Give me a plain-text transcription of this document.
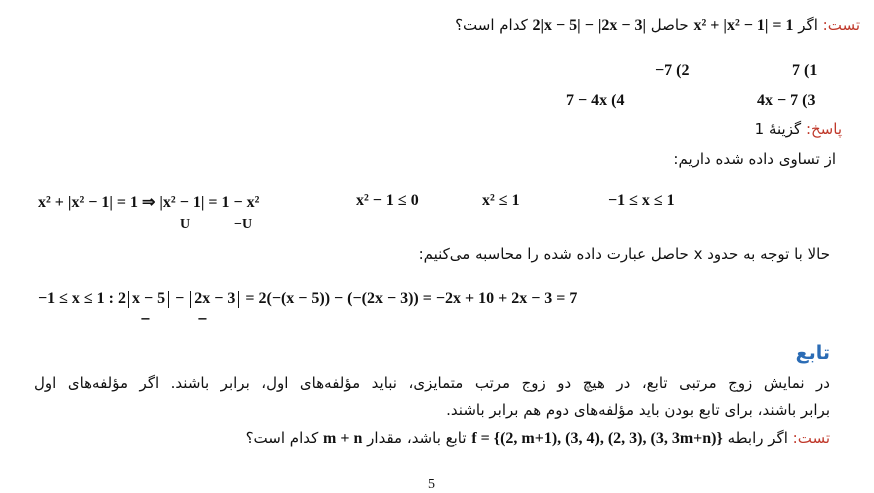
تست: اگر x² + |x² − 1| = 1 حاصل 2|x − 5| − |2x − 3| کدام است؟
7 (1
−7 (2
4x − 7 (3
7 − 4x (4
پاسخ: گزینهٔ 1
از تساوی داده شده داریم:
x² + |x² − 1| = 1 ⇒ |x² − 1| = 1 − x²
U	−U
x² − 1 ≤ 0	x² ≤ 1	−1 ≤ x ≤ 1
حالا با توجه به حدود x حاصل عبارت داده شده را محاسبه می‌کنیم:
−1 ≤ x ≤ 1 : 2 x − 5 − 2x − 3 = 2(−(x − 5)) − (−(2x − 3)) = −2x + 10 + 2x − 3 = 7
−	−
تابع
در نمایش زوج مرتبی تابع، در هیچ دو زوج مرتب متمایزی، نباید مؤلفه‌های اول، برابر باشند. اگر مؤلفه‌های اول
برابر باشند، برای تابع بودن باید مؤلفه‌های دوم هم برابر باشند.
تست: اگر رابطه f = {(2, m+1), (3, 4), (2, 3), (3, 3m+n)} تابع باشد، مقدار m + n کدام است؟
5
